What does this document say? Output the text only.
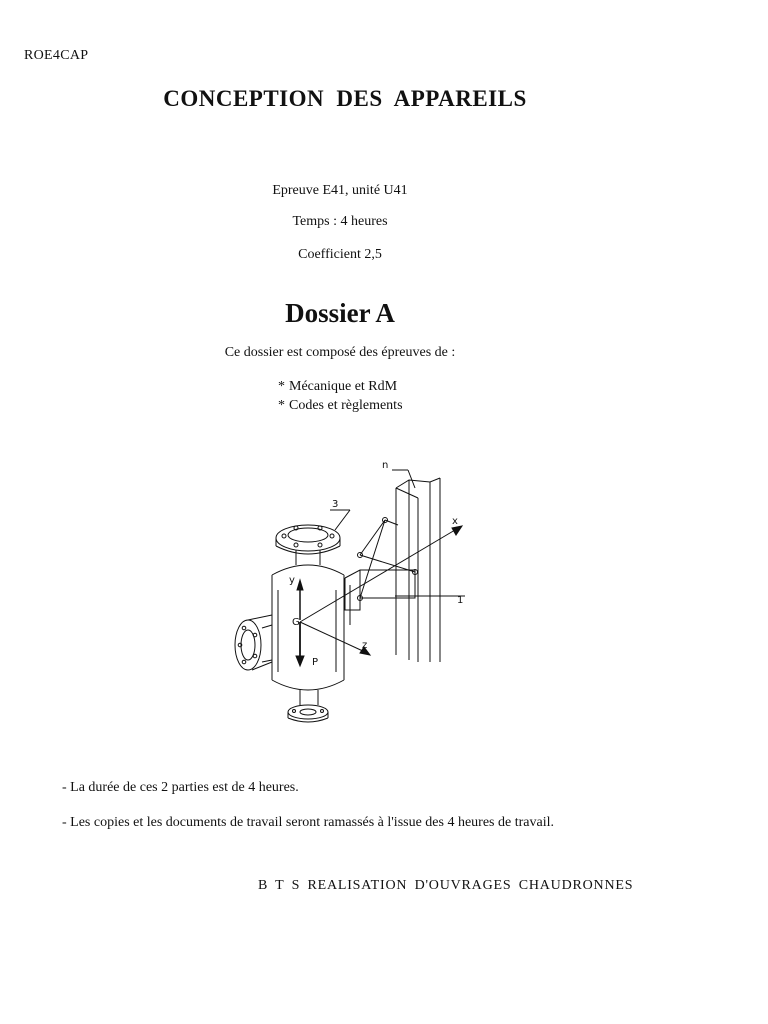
ROE4CAP
CONCEPTION DES APPAREILS
Epreuve E41, unité U41
Temps : 4 heures
Coefficient 2,5
Dossier A
Ce dossier est composé des épreuves de :
* Mécanique et RdM
* Codes et règlements
n
3
1
y
P
G
z
x
- La durée de ces 2 parties est de 4 heures.
- Les copies et les documents de travail seront ramassés à l'issue des 4 heures de travail.
B T S REALISATION D'OUVRAGES CHAUDRONNES
